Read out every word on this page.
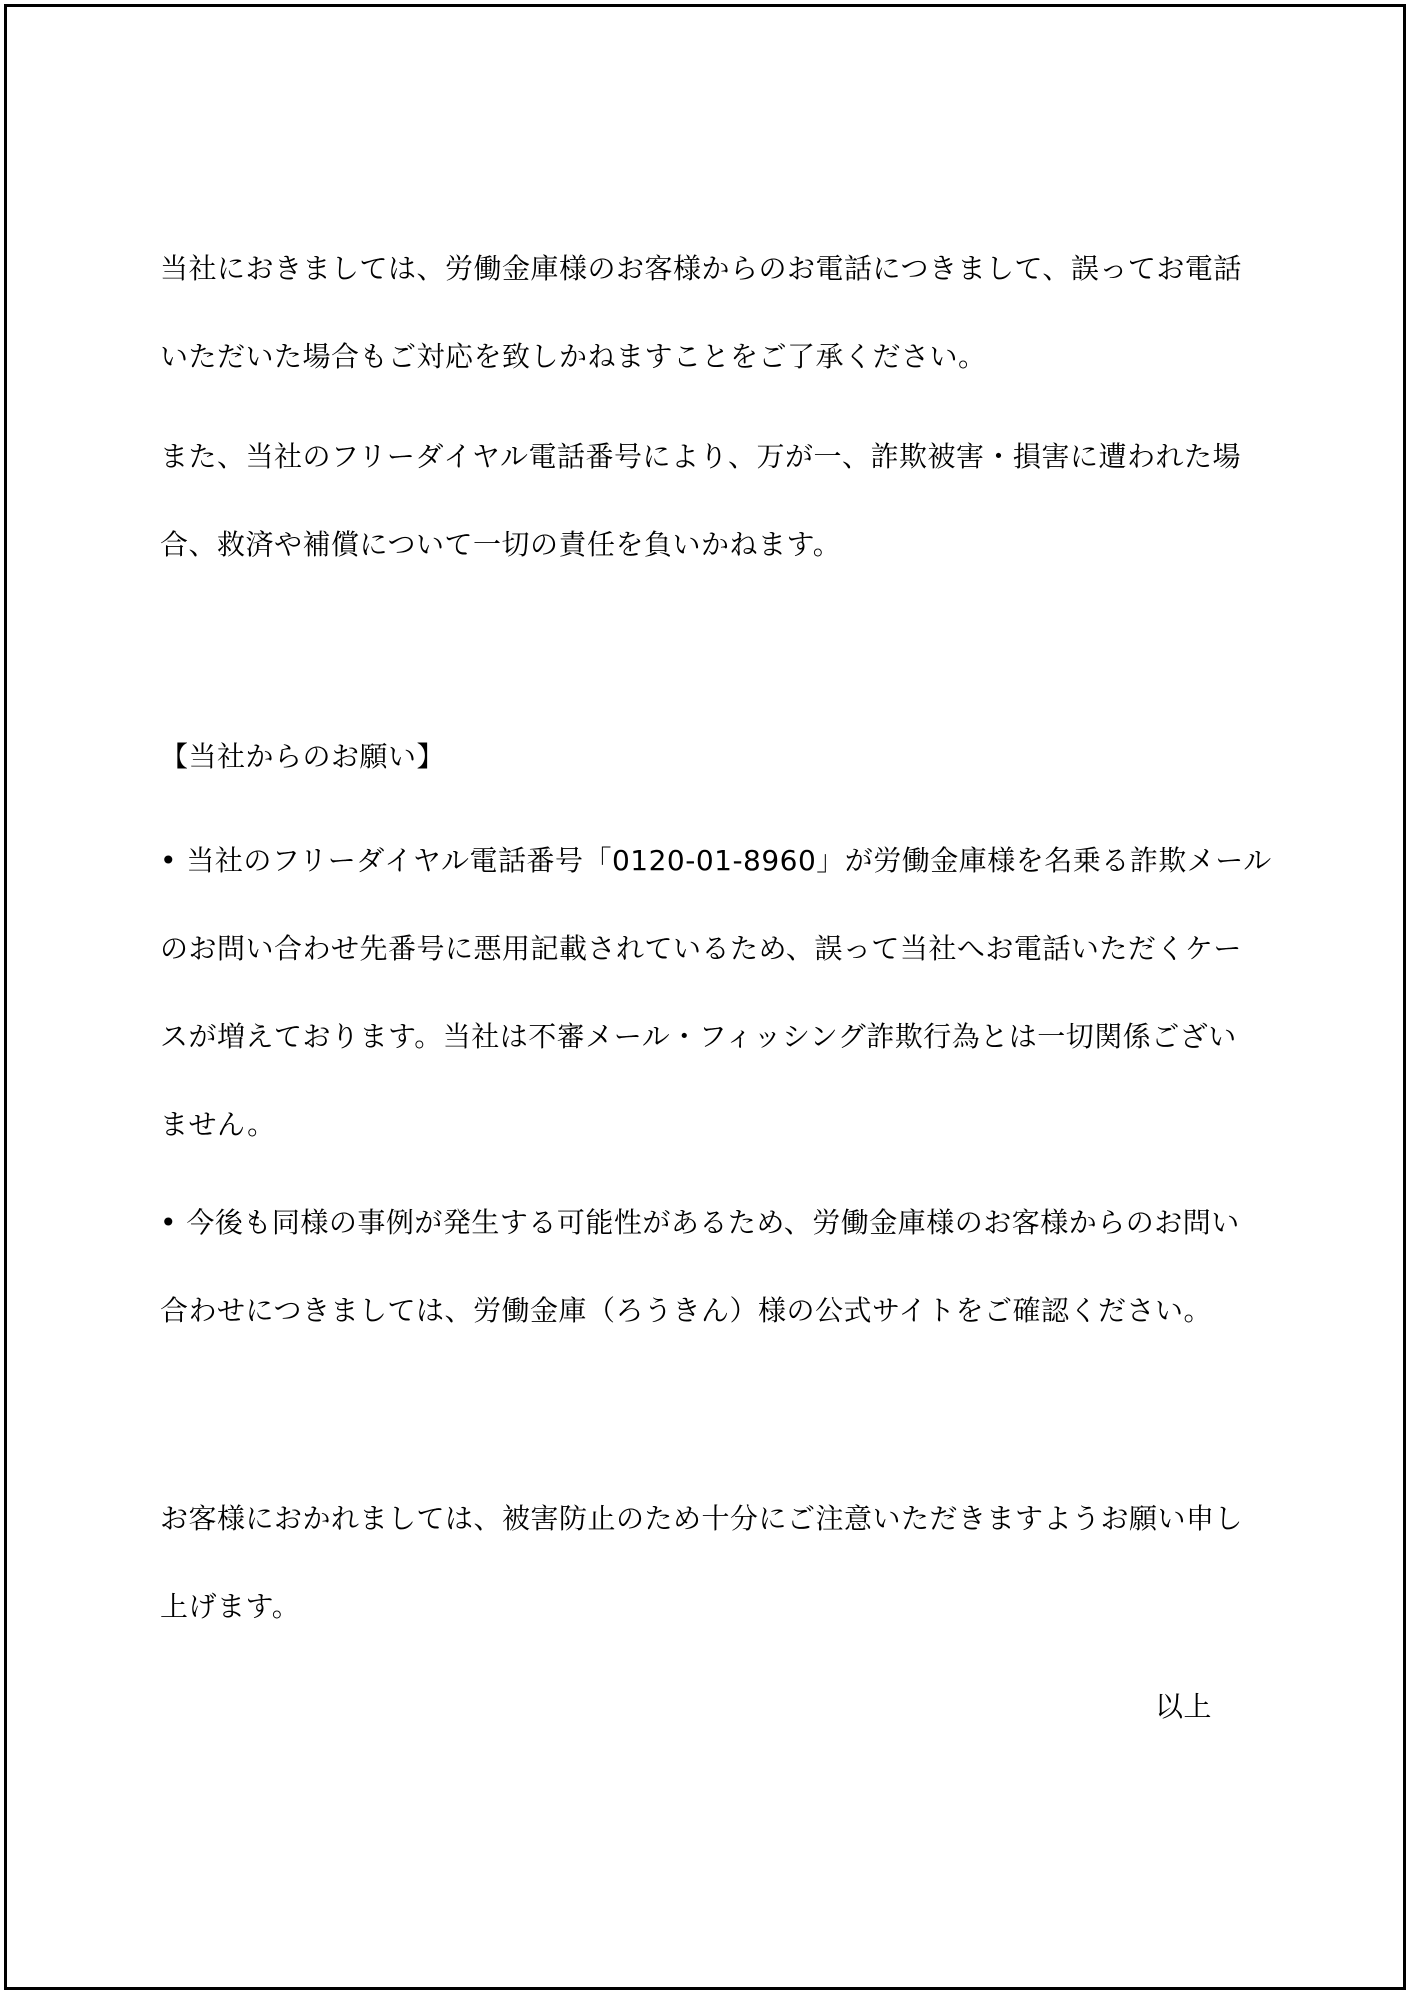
当社におきましては、労働金庫様のお客様からのお電話につきまして、誤ってお電話
いただいた場合もご対応を致しかねますことをご了承ください。
また、当社のフリーダイヤル電話番号により、万が一、詐欺被害・損害に遭われた場
合、救済や補償について一切の責任を負いかねます。
【当社からのお願い】
• 当社のフリーダイヤル電話番号「0120-01-8960」が労働金庫様を名乗る詐欺メール
のお問い合わせ先番号に悪用記載されているため、誤って当社へお電話いただくケー
スが増えております。当社は不審メール・フィッシング詐欺行為とは一切関係ござい
ません。
• 今後も同様の事例が発生する可能性があるため、労働金庫様のお客様からのお問い
合わせにつきましては、労働金庫（ろうきん）様の公式サイトをご確認ください。
お客様におかれましては、被害防止のため十分にご注意いただきますようお願い申し
上げます。
以上
